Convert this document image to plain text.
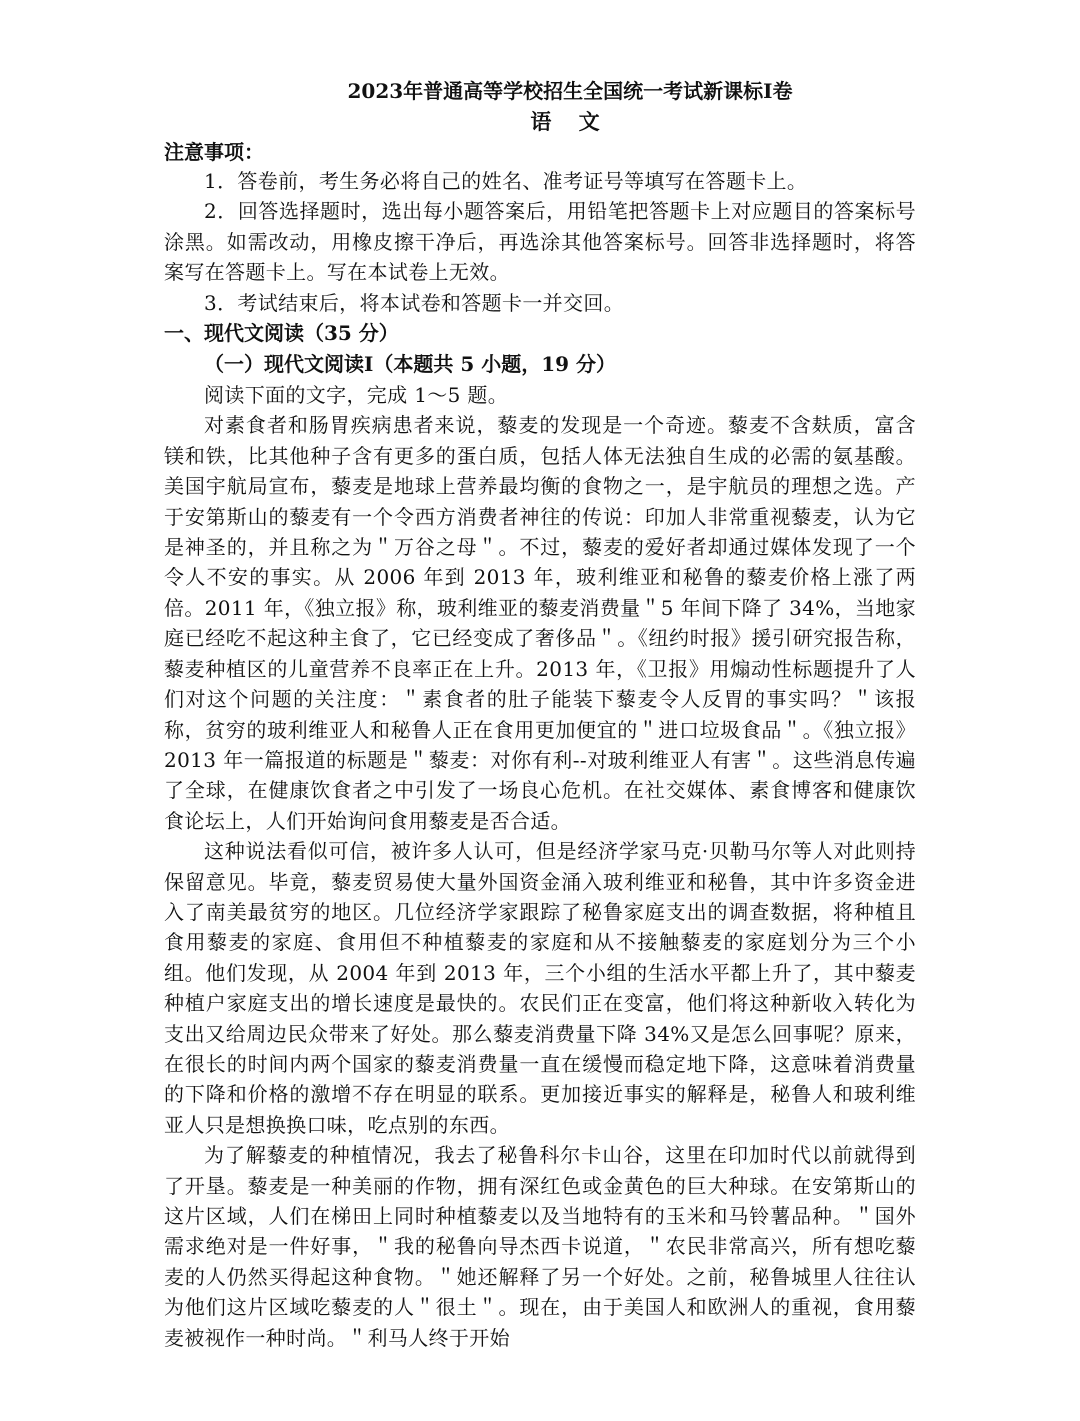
2023年普通高等学校招生全国统一考试新课标I卷
语 文

注意事项：

1．答卷前，考生务必将自己的姓名、准考证号等填写在答题卡上。

2．回答选择题时，选出每小题答案后，用铅笔把答题卡上对应题目的答案标号涂黑。如需改动，用橡皮擦干净后，再选涂其他答案标号。回答非选择题时，将答案写在答题卡上。写在本试卷上无效。

3．考试结束后，将本试卷和答题卡一并交回。

一、现代文阅读（35 分）

（一）现代文阅读Ⅰ（本题共 5 小题，19 分）

阅读下面的文字，完成 1～5 题。

对素食者和肠胃疾病患者来说，藜麦的发现是一个奇迹。藜麦不含麸质，富含镁和铁，比其他种子含有更多的蛋白质，包括人体无法独自生成的必需的氨基酸。美国宇航局宣布，藜麦是地球上营养最均衡的食物之一，是宇航员的理想之选。产于安第斯山的藜麦有一个令西方消费者神往的传说：印加人非常重视藜麦，认为它是神圣的，并且称之为＂万谷之母＂。不过，藜麦的爱好者却通过媒体发现了一个令人不安的事实。从 2006 年到 2013 年，玻利维亚和秘鲁的藜麦价格上涨了两倍。2011 年，《独立报》称，玻利维亚的藜麦消费量＂5 年间下降了 34%，当地家庭已经吃不起这种主食了，它已经变成了奢侈品＂。《纽约时报》援引研究报告称，藜麦种植区的儿童营养不良率正在上升。2013 年，《卫报》用煽动性标题提升了人们对这个问题的关注度：＂素食者的肚子能装下藜麦令人反胃的事实吗？＂该报称，贫穷的玻利维亚人和秘鲁人正在食用更加便宜的＂进口垃圾食品＂。《独立报》2013 年一篇报道的标题是＂藜麦：对你有利--对玻利维亚人有害＂。这些消息传遍了全球，在健康饮食者之中引发了一场良心危机。在社交媒体、素食博客和健康饮食论坛上，人们开始询问食用藜麦是否合适。

这种说法看似可信，被许多人认可，但是经济学家马克·贝勒马尔等人对此则持保留意见。毕竟，藜麦贸易使大量外国资金涌入玻利维亚和秘鲁，其中许多资金进入了南美最贫穷的地区。几位经济学家跟踪了秘鲁家庭支出的调查数据，将种植且食用藜麦的家庭、食用但不种植藜麦的家庭和从不接触藜麦的家庭划分为三个小组。他们发现，从 2004 年到 2013 年，三个小组的生活水平都上升了，其中藜麦种植户家庭支出的增长速度是最快的。农民们正在变富，他们将这种新收入转化为支出又给周边民众带来了好处。那么藜麦消费量下降 34%又是怎么回事呢？原来，在很长的时间内两个国家的藜麦消费量一直在缓慢而稳定地下降，这意味着消费量的下降和价格的激增不存在明显的联系。更加接近事实的解释是，秘鲁人和玻利维亚人只是想换换口味，吃点别的东西。

为了解藜麦的种植情况，我去了秘鲁科尔卡山谷，这里在印加时代以前就得到了开垦。藜麦是一种美丽的作物，拥有深红色或金黄色的巨大种球。在安第斯山的这片区域，人们在梯田上同时种植藜麦以及当地特有的玉米和马铃薯品种。＂国外需求绝对是一件好事，＂我的秘鲁向导杰西卡说道，＂农民非常高兴，所有想吃藜麦的人仍然买得起这种食物。＂她还解释了另一个好处。之前，秘鲁城里人往往认为他们这片区域吃藜麦的人＂很土＂。现在，由于美国人和欧洲人的重视，食用藜麦被视作一种时尚。＂利马人终于开始
